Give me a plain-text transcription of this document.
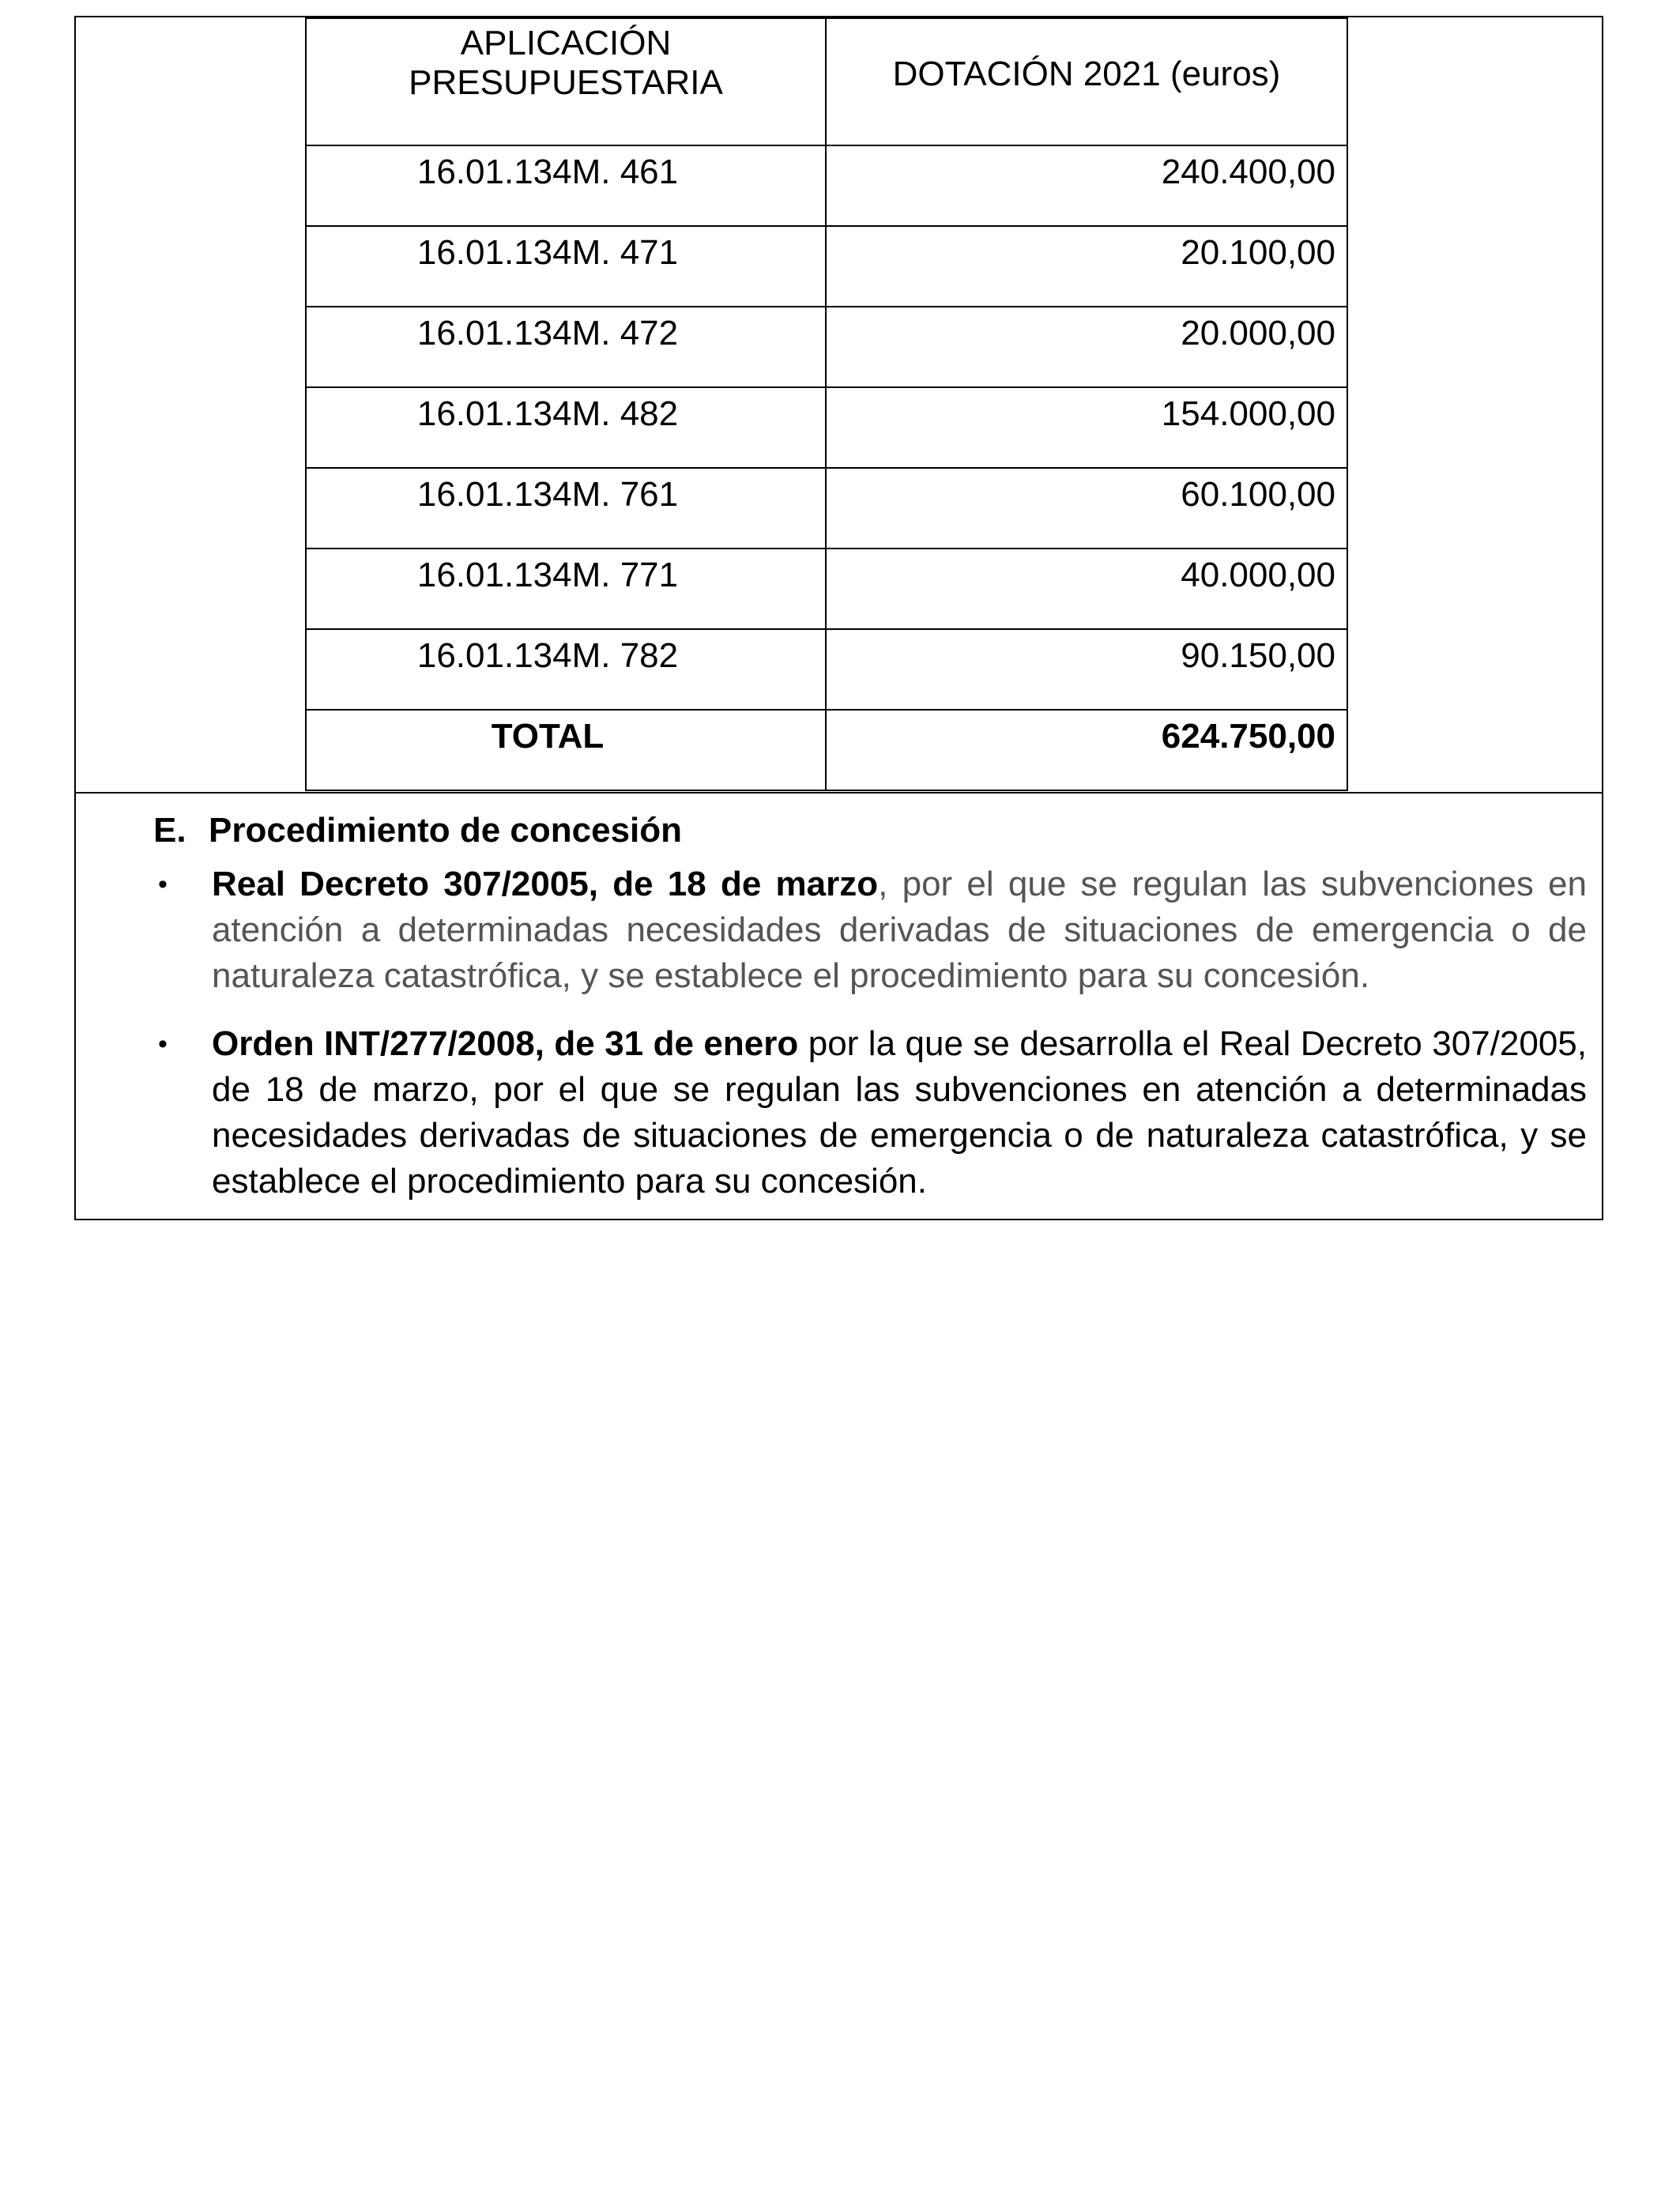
APLICACIÓN PRESUPUESTARIA	DOTACIÓN 2021 (euros)
16.01.134M. 461	240.400,00
16.01.134M. 471	20.100,00
16.01.134M. 472	20.000,00
16.01.134M. 482	154.000,00
16.01.134M. 761	60.100,00
16.01.134M. 771	40.000,00
16.01.134M. 782	90.150,00
TOTAL	624.750,00
E. Procedimiento de concesión
• Real Decreto 307/2005, de 18 de marzo, por el que se regulan las subvenciones en atención a determinadas necesidades derivadas de situaciones de emergencia o de naturaleza catastrófica, y se establece el procedimiento para su concesión.
• Orden INT/277/2008, de 31 de enero por la que se desarrolla el Real Decreto 307/2005, de 18 de marzo, por el que se regulan las subvenciones en atención a determinadas necesidades derivadas de situaciones de emergencia o de naturaleza catastrófica, y se establece el procedimiento para su concesión.
